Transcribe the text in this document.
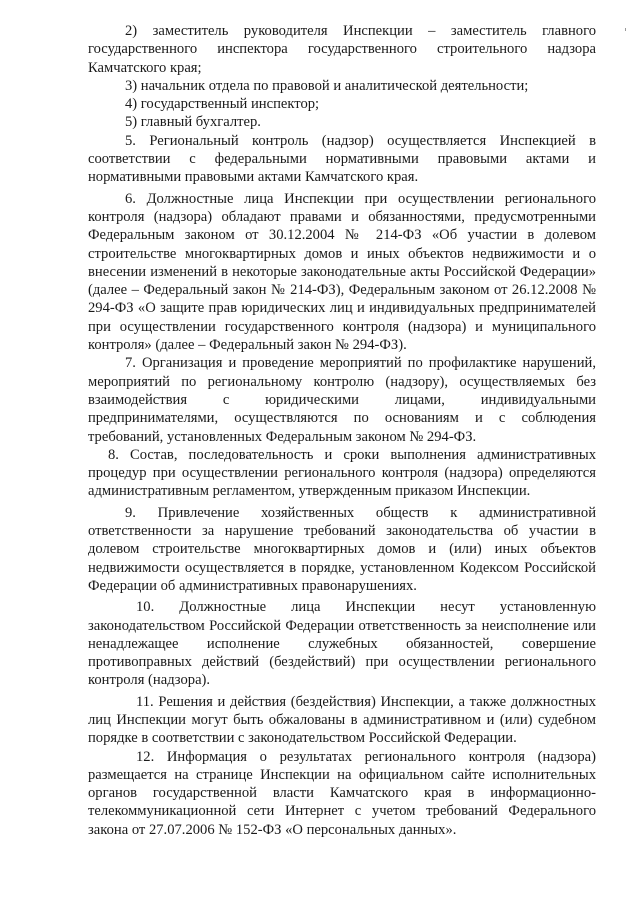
2) заместитель руководителя Инспекции – заместитель главного государственного инспектора государственного строительного надзора Камчатского края;

3) начальник отдела по правовой и аналитической деятельности;

4) государственный инспектор;

5) главный бухгалтер.

5. Региональный контроль (надзор) осуществляется Инспекцией в соответствии с федеральными нормативными правовыми актами и нормативными правовыми актами Камчатского края.

6. Должностные лица Инспекции при осуществлении регионального контроля (надзора) обладают правами и обязанностями, предусмотренными Федеральным законом от 30.12.2004 № 214-ФЗ «Об участии в долевом строительстве многоквартирных домов и иных объектов недвижимости и о внесении изменений в некоторые законодательные акты Российской Федерации» (далее – Федеральный закон № 214-ФЗ), Федеральным законом от 26.12.2008 № 294-ФЗ «О защите прав юридических лиц и индивидуальных предпринимателей при осуществлении государственного контроля (надзора) и муниципального контроля» (далее – Федеральный закон № 294-ФЗ).

7. Организация и проведение мероприятий по профилактике нарушений, мероприятий по региональному контролю (надзору), осуществляемых без взаимодействия с юридическими лицами, индивидуальными предпринимателями, осуществляются по основаниям и с соблюдения требований, установленных Федеральным законом № 294-ФЗ.

8. Состав, последовательность и сроки выполнения административных процедур при осуществлении регионального контроля (надзора) определяются административным регламентом, утвержденным приказом Инспекции.

9. Привлечение хозяйственных обществ к административной ответственности за нарушение требований законодательства об участии в долевом строительстве многоквартирных домов и (или) иных объектов недвижимости осуществляется в порядке, установленном Кодексом Российской Федерации об административных правонарушениях.

10. Должностные лица Инспекции несут установленную законодательством Российской Федерации ответственность за неисполнение или ненадлежащее исполнение служебных обязанностей, совершение противоправных действий (бездействий) при осуществлении регионального контроля (надзора).

11. Решения и действия (бездействия) Инспекции, а также должностных лиц Инспекции могут быть обжалованы в административном и (или) судебном порядке в соответствии с законодательством Российской Федерации.

12. Информация о результатах регионального контроля (надзора) размещается на странице Инспекции на официальном сайте исполнительных органов государственной власти Камчатского края в информационно-телекоммуникационной сети Интернет с учетом требований Федерального закона от 27.07.2006 № 152-ФЗ «О персональных данных».
